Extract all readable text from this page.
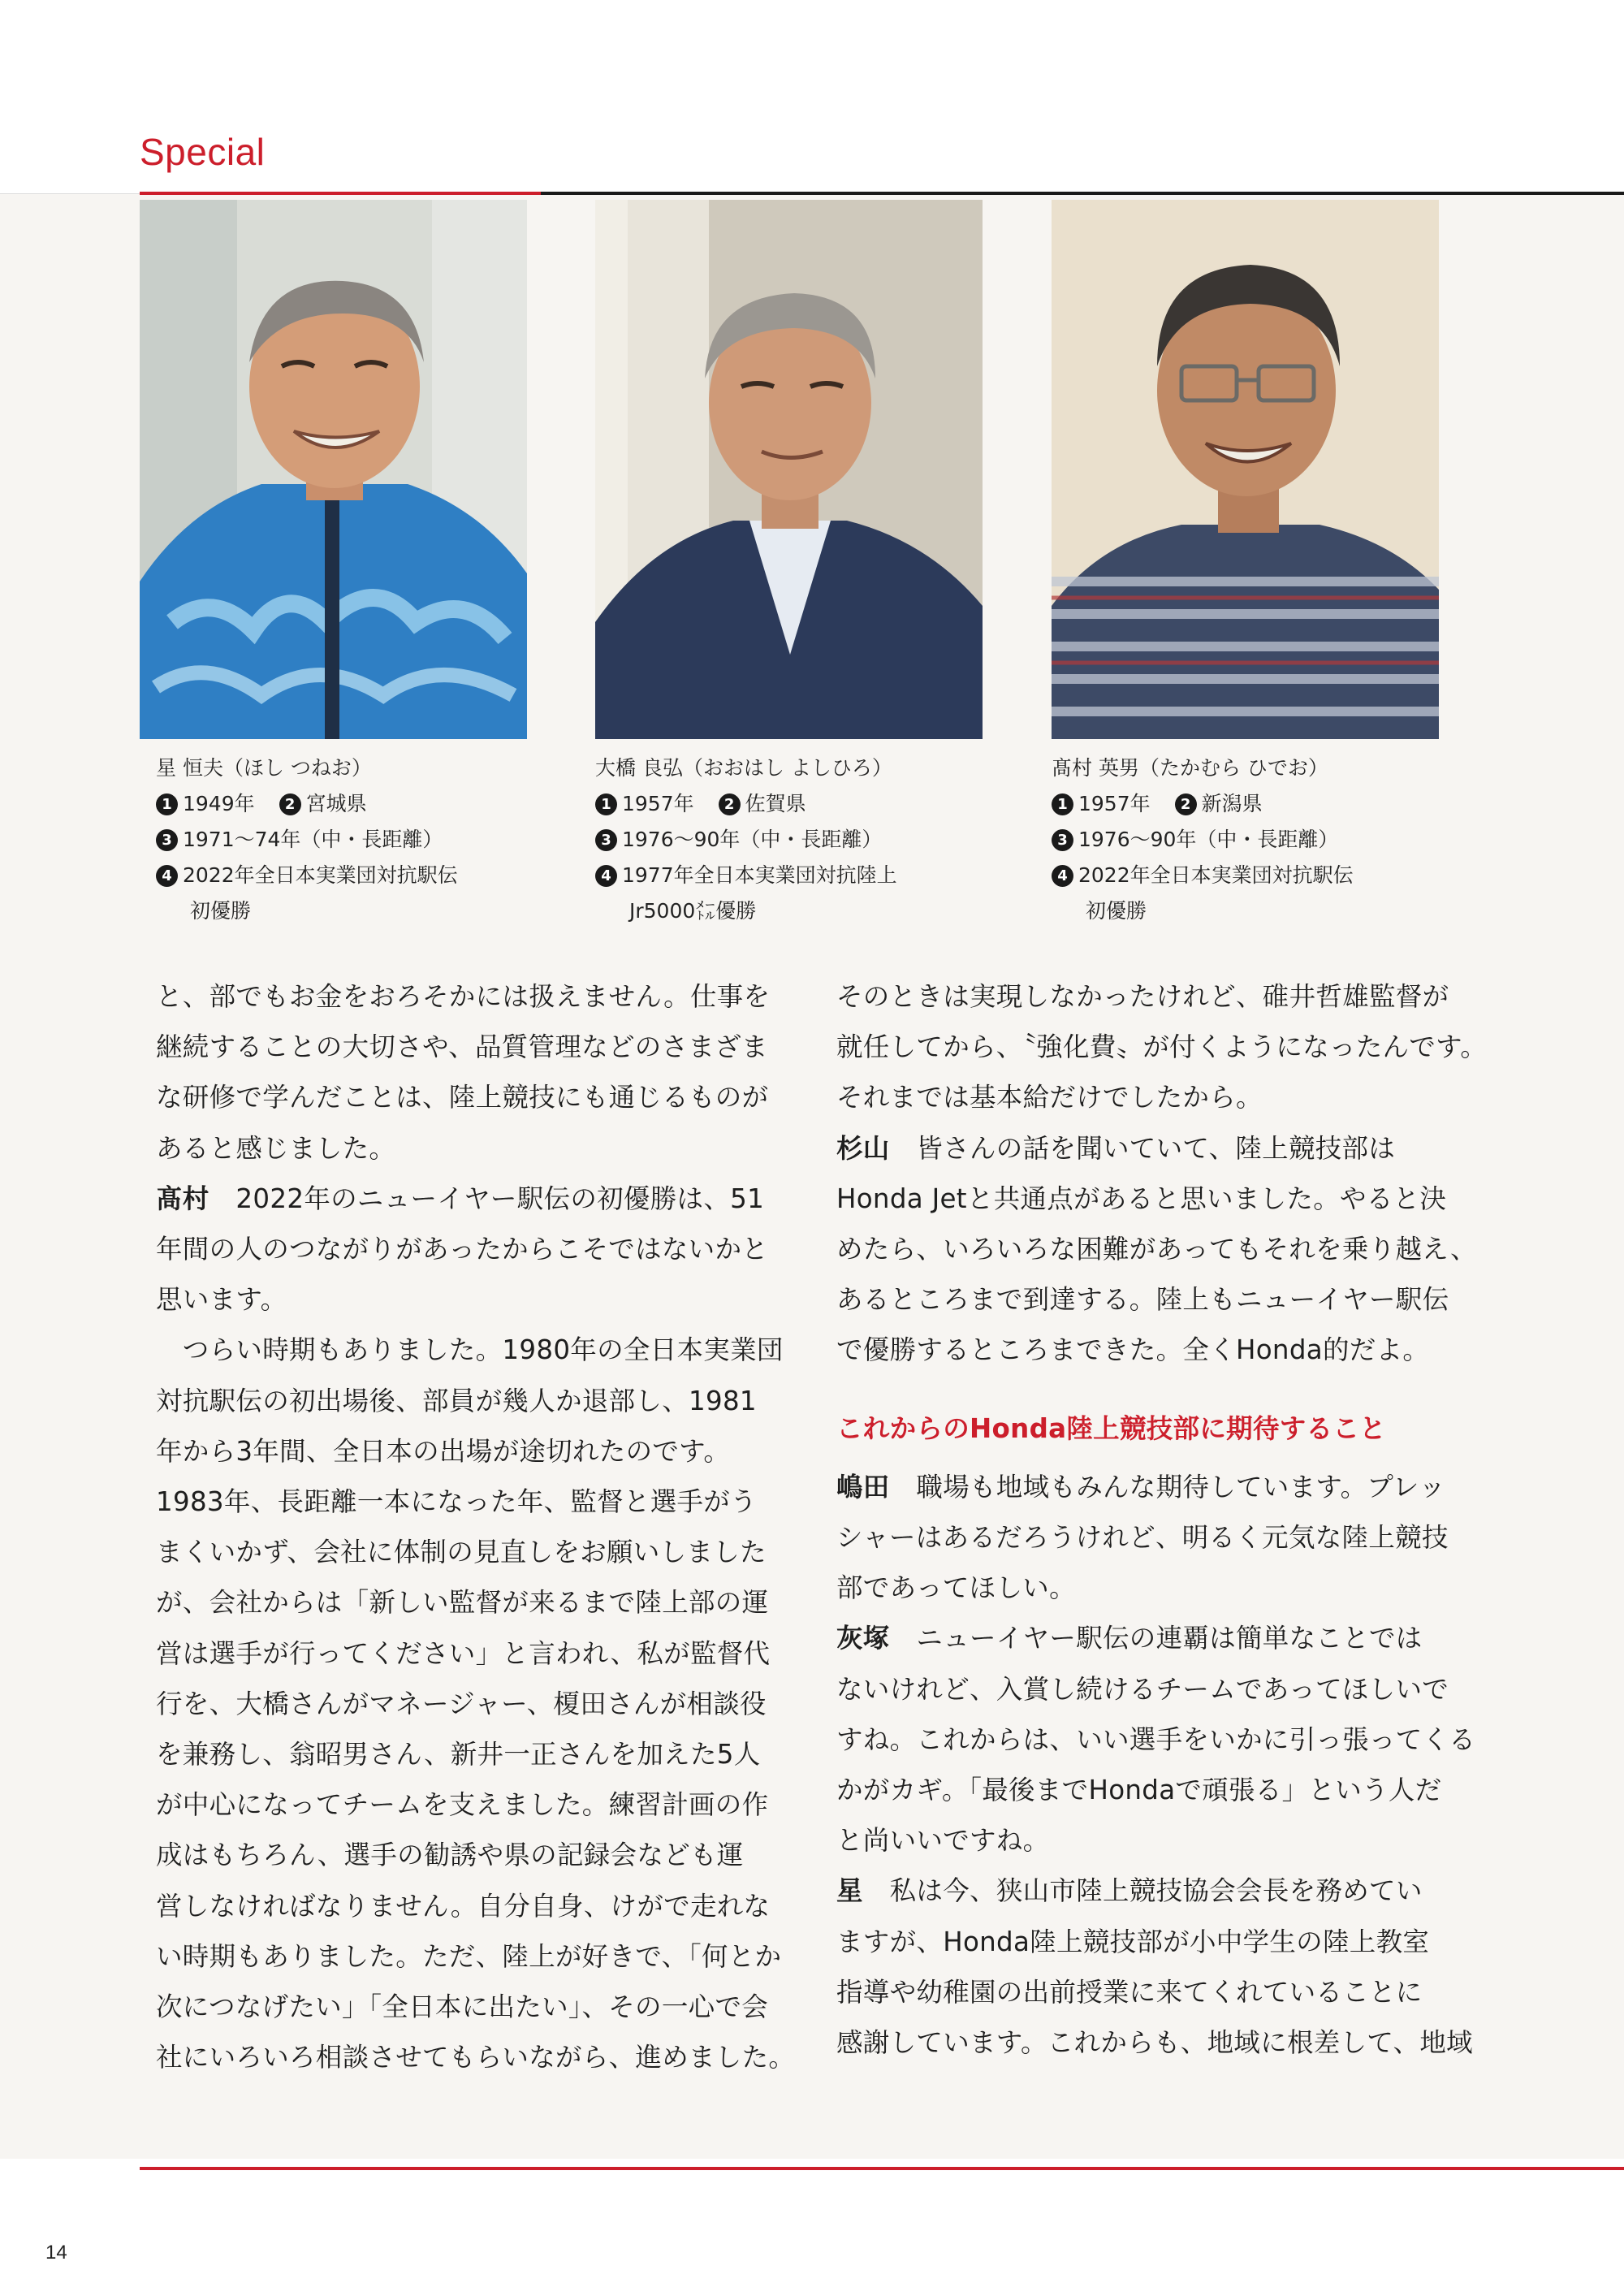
Special
星 恒夫（ほし つねお）
1 1949年 2 宮城県
3 1971〜74年（中・長距離）
4 2022年全日本実業団対抗駅伝
初優勝
大橋 良弘（おおはし よしひろ）
1 1957年 2 佐賀県
3 1976〜90年（中・長距離）
4 1977年全日本実業団対抗陸上
Jr5000㍍優勝
髙村 英男（たかむら ひでお）
1 1957年 2 新潟県
3 1976〜90年（中・長距離）
4 2022年全日本実業団対抗駅伝
初優勝

と、部でもお金をおろそかには扱えません。仕事を

継続することの大切さや、品質管理などのさまざま

な研修で学んだことは、陸上競技にも通じるものが

あると感じました。

髙村　2022年のニューイヤー駅伝の初優勝は、51

年間の人のつながりがあったからこそではないかと

思います。

　つらい時期もありました。1980年の全日本実業団

対抗駅伝の初出場後、部員が幾人か退部し、1981

年から3年間、全日本の出場が途切れたのです。

1983年、長距離一本になった年、監督と選手がう

まくいかず、会社に体制の見直しをお願いしました

が、会社からは「新しい監督が来るまで陸上部の運

営は選手が行ってください」と言われ、私が監督代

行を、大橋さんがマネージャー、榎田さんが相談役

を兼務し、翁昭男さん、新井一正さんを加えた5人

が中心になってチームを支えました。練習計画の作

成はもちろん、選手の勧誘や県の記録会なども運

営しなければなりません。自分自身、けがで走れな

い時期もありました。ただ、陸上が好きで、「何とか

次につなげたい」「全日本に出たい」、その一心で会

社にいろいろ相談させてもらいながら、進めました。

そのときは実現しなかったけれど、碓井哲雄監督が

就任してから、〝強化費〟が付くようになったんです。

それまでは基本給だけでしたから。

杉山　皆さんの話を聞いていて、陸上競技部は

Honda Jetと共通点があると思いました。やると決

めたら、いろいろな困難があってもそれを乗り越え、

あるところまで到達する。陸上もニューイヤー駅伝

で優勝するところまできた。全くHonda的だよ。

これからのHonda陸上競技部に期待すること

嶋田　職場も地域もみんな期待しています。プレッ

シャーはあるだろうけれど、明るく元気な陸上競技

部であってほしい。

灰塚　ニューイヤー駅伝の連覇は簡単なことでは

ないけれど、入賞し続けるチームであってほしいで

すね。これからは、いい選手をいかに引っ張ってくる

かがカギ。「最後までHondaで頑張る」という人だ

と尚いいですね。

星　私は今、狭山市陸上競技協会会長を務めてい

ますが、Honda陸上競技部が小中学生の陸上教室

指導や幼稚園の出前授業に来てくれていることに

感謝しています。これからも、地域に根差して、地域

14
